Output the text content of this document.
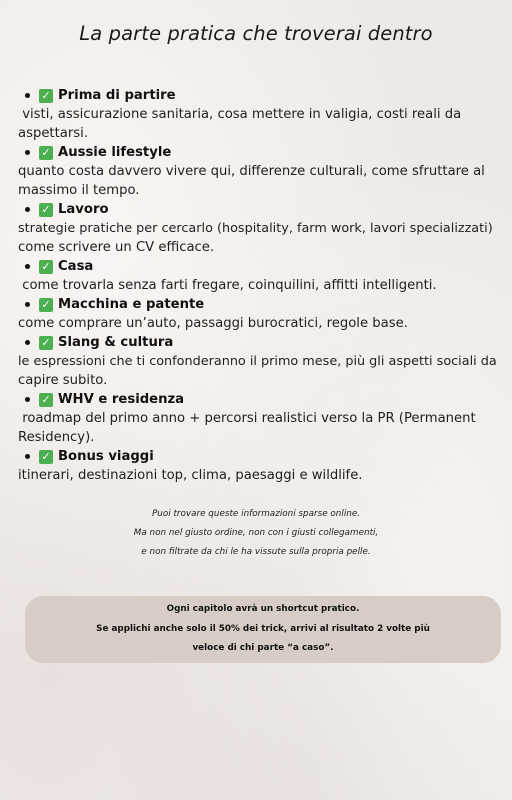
La parte pratica che troverai dentro
✓ Prima di partire
visti, assicurazione sanitaria, cosa mettere in valigia, costi reali da
aspettarsi.
✓ Aussie lifestyle
quanto costa davvero vivere qui, differenze culturali, come sfruttare al
massimo il tempo.
✓ Lavoro
strategie pratiche per cercarlo (hospitality, farm work, lavori specializzati)
come scrivere un CV efficace.
✓ Casa
come trovarla senza farti fregare, coinquilini, affitti intelligenti.
✓ Macchina e patente
come comprare un’auto, passaggi burocratici, regole base.
✓ Slang & cultura
le espressioni che ti confonderanno il primo mese, più gli aspetti sociali da
capire subito.
✓ WHV e residenza
roadmap del primo anno + percorsi realistici verso la PR (Permanent
Residency).
✓ Bonus viaggi
itinerari, destinazioni top, clima, paesaggi e wildlife.
Puoi trovare queste informazioni sparse online.
Ma non nel giusto ordine, non con i giusti collegamenti,
e non filtrate da chi le ha vissute sulla propria pelle.
Ogni capitolo avrà un shortcut pratico.
Se applichi anche solo il 50% dei trick, arrivi al risultato 2 volte più
veloce di chi parte “a caso”.
